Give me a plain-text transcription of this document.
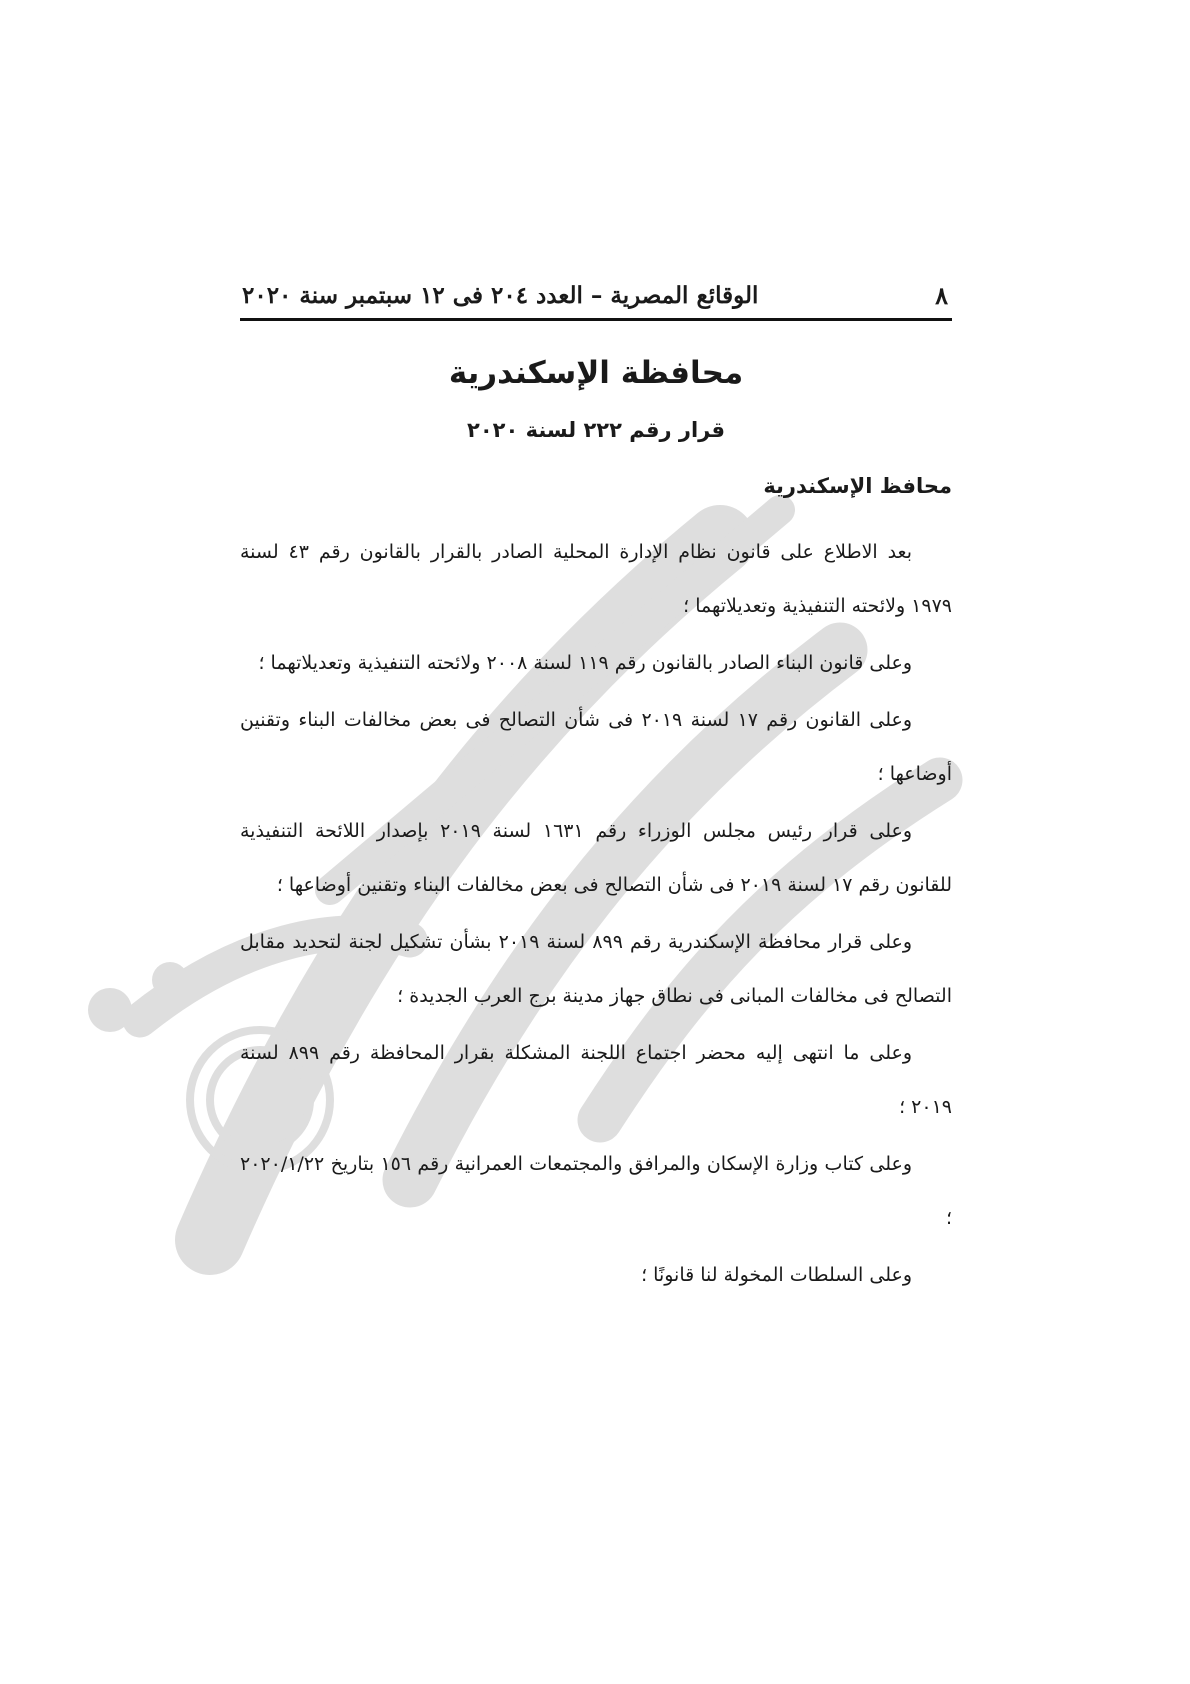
٨
الوقائع المصرية – العدد ٢٠٤ فى ١٢ سبتمبر سنة ٢٠٢٠
محافظة الإسكندرية
قرار رقم ٢٢٢ لسنة ٢٠٢٠
محافظ الإسكندرية

بعد الاطلاع على قانون نظام الإدارة المحلية الصادر بالقرار بالقانون رقم ٤٣ لسنة ١٩٧٩ ولائحته التنفيذية وتعديلاتهما ؛

وعلى قانون البناء الصادر بالقانون رقم ١١٩ لسنة ٢٠٠٨ ولائحته التنفيذية وتعديلاتهما ؛

وعلى القانون رقم ١٧ لسنة ٢٠١٩ فى شأن التصالح فى بعض مخالفات البناء وتقنين أوضاعها ؛

وعلى قرار رئيس مجلس الوزراء رقم ١٦٣١ لسنة ٢٠١٩ بإصدار اللائحة التنفيذية للقانون رقم ١٧ لسنة ٢٠١٩ فى شأن التصالح فى بعض مخالفات البناء وتقنين أوضاعها ؛

وعلى قرار محافظة الإسكندرية رقم ٨٩٩ لسنة ٢٠١٩ بشأن تشكيل لجنة لتحديد مقابل التصالح فى مخالفات المبانى فى نطاق جهاز مدينة برج العرب الجديدة ؛

وعلى ما انتهى إليه محضر اجتماع اللجنة المشكلة بقرار المحافظة رقم ٨٩٩ لسنة ٢٠١٩ ؛

وعلى كتاب وزارة الإسكان والمرافق والمجتمعات العمرانية رقم ١٥٦ بتاريخ ٢٠٢٠/١/٢٢ ؛

وعلى السلطات المخولة لنا قانونًا ؛
